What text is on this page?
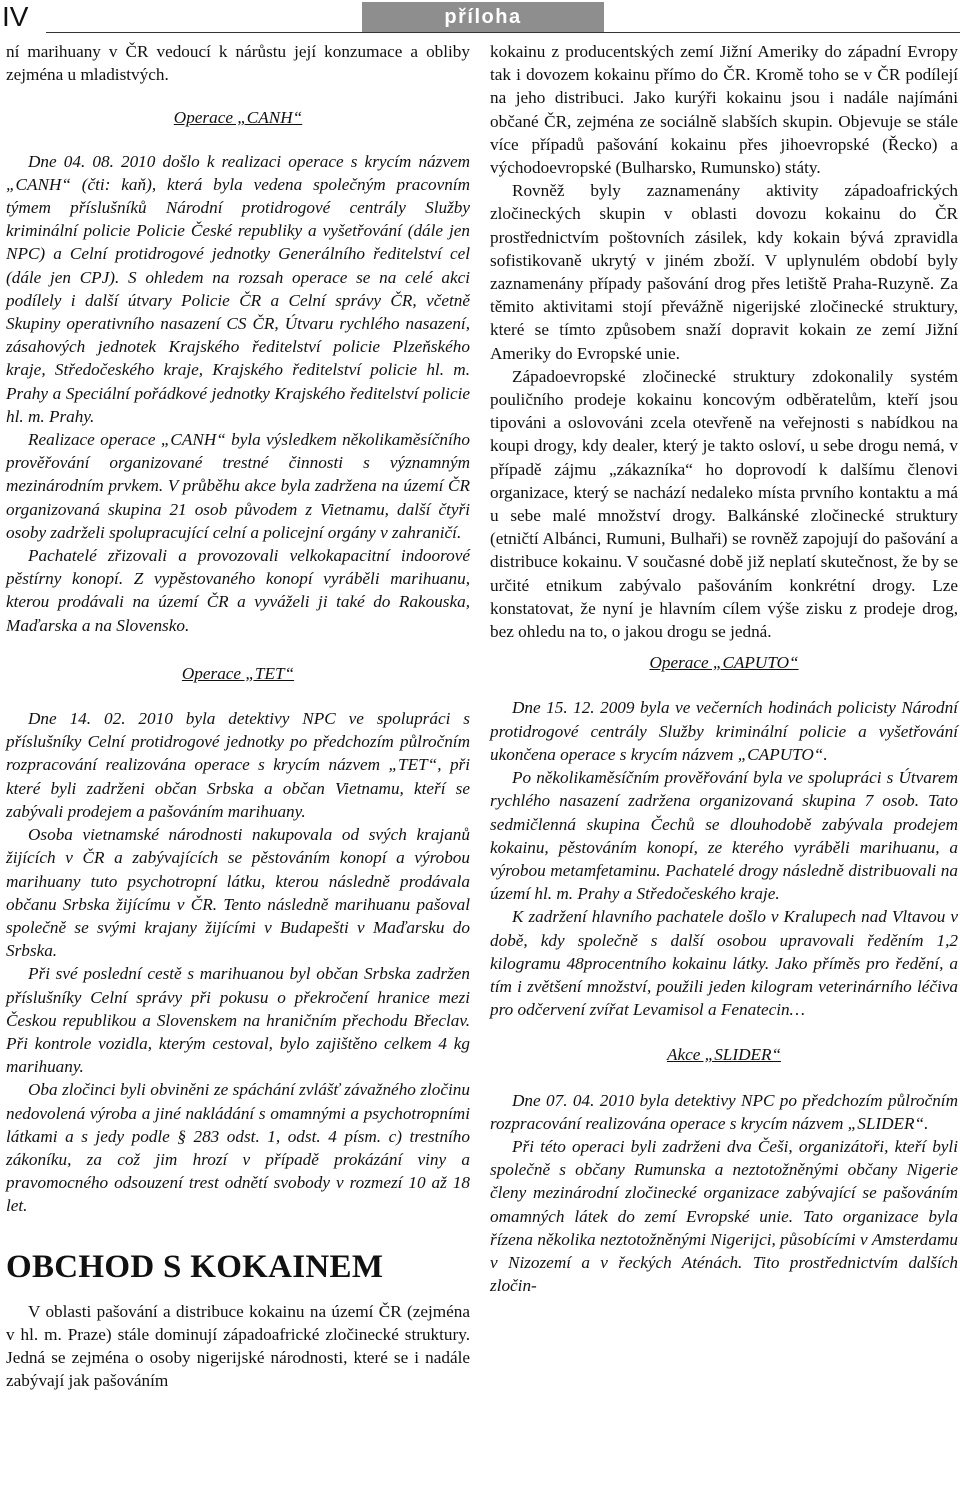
IV	příloha

ní marihuany v ČR vedoucí k nárůstu její konzumace a obliby zejména u mladistvých.

Operace „CANH“

Dne 04. 08. 2010 došlo k realizaci operace s krycím názvem „CANH“ (čti: kaň), která byla vedena společným pracovním týmem příslušníků Národní protidrogové centrály Služby kriminální policie Policie České republiky a vyšetřování (dále jen NPC) a Celní protidrogové jednotky Generálního ředitelství cel (dále jen CPJ). S ohledem na rozsah operace se na celé akci podílely i další útvary Policie ČR a Celní správy ČR, včetně Skupiny operativního nasazení CS ČR, Útvaru rychlého nasazení, zásahových jednotek Krajského ředitelství policie Plzeňského kraje, Středočeského kraje, Krajského ředitelství policie hl. m. Prahy a Speciální pořádkové jednotky Krajského ředitelství policie hl. m. Prahy.

Realizace operace „CANH“ byla výsledkem několikaměsíčního prověřování organizované trestné činnosti s významným mezinárodním prvkem. V průběhu akce byla zadržena na území ČR organizovaná skupina 21 osob původem z Vietnamu, další čtyři osoby zadrželi spolupracující celní a policejní orgány v zahraničí.

Pachatelé zřizovali a provozovali velkokapacitní indoorové pěstírny konopí. Z vypěstovaného konopí vyráběli marihuanu, kterou prodávali na území ČR a vyváželi ji také do Rakouska, Maďarska a na Slovensko.

Operace „TET“

Dne 14. 02. 2010 byla detektivy NPC ve spolupráci s příslušníky Celní protidrogové jednotky po předchozím půlročním rozpracování realizována operace s krycím názvem „TET“, při které byli zadrženi občan Srbska a občan Vietnamu, kteří se zabývali prodejem a pašováním marihuany.

Osoba vietnamské národnosti nakupovala od svých krajanů žijících v ČR a zabývajících se pěstováním konopí a výrobou marihuany tuto psychotropní látku, kterou následně prodávala občanu Srbska žijícímu v ČR. Tento následně marihuanu pašoval společně se svými krajany žijícími v Budapešti v Maďarsku do Srbska.

Při své poslední cestě s marihuanou byl občan Srbska zadržen příslušníky Celní správy při pokusu o překročení hranice mezi Českou republikou a Slovenskem na hraničním přechodu Břeclav. Při kontrole vozidla, kterým cestoval, bylo zajištěno celkem 4 kg marihuany.

Oba zločinci byli obviněni ze spáchání zvlášť závažného zločinu nedovolená výroba a jiné nakládání s omamnými a psychotropními látkami a s jedy podle § 283 odst. 1, odst. 4 písm. c) trestního zákoníku, za což jim hrozí v případě prokázání viny a pravomocného odsouzení trest odnětí svobody v rozmezí 10 až 18 let.

OBCHOD S KOKAINEM

V oblasti pašování a distribuce kokainu na území ČR (zejména v hl. m. Praze) stále dominují západoafrické zločinecké struktury. Jedná se zejména o osoby nigerijské národnosti, které se i nadále zabývají jak pašováním

kokainu z producentských zemí Jižní Ameriky do západní Evropy tak i dovozem kokainu přímo do ČR. Kromě toho se v ČR podílejí na jeho distribuci. Jako kurýři kokainu jsou i nadále najímáni občané ČR, zejména ze sociálně slabších skupin. Objevuje se stále více případů pašování kokainu přes jihoevropské (Řecko) a východoevropské (Bulharsko, Rumunsko) státy.

Rovněž byly zaznamenány aktivity západoafrických zločineckých skupin v oblasti dovozu kokainu do ČR prostřednictvím poštovních zásilek, kdy kokain bývá zpravidla sofistikovaně ukrytý v jiném zboží. V uplynulém období byly zaznamenány případy pašování drog přes letiště Praha-Ruzyně. Za těmito aktivitami stojí převážně nigerijské zločinecké struktury, které se tímto způsobem snaží dopravit kokain ze zemí Jižní Ameriky do Evropské unie.

Západoevropské zločinecké struktury zdokonalily systém pouličního prodeje kokainu koncovým odběratelům, kteří jsou tipováni a oslovováni zcela otevřeně na veřejnosti s nabídkou na koupi drogy, kdy dealer, který je takto osloví, u sebe drogu nemá, v případě zájmu „zákazníka“ ho doprovodí k dalšímu členovi organizace, který se nachází nedaleko místa prvního kontaktu a má u sebe malé množství drogy. Balkánské zločinecké struktury (etničtí Albánci, Rumuni, Bulhaři) se rovněž zapojují do pašování a distribuce kokainu. V současné době již neplatí skutečnost, že by se určité etnikum zabývalo pašováním konkrétní drogy. Lze konstatovat, že nyní je hlavním cílem výše zisku z prodeje drog, bez ohledu na to, o jakou drogu se jedná.

Operace „CAPUTO“

Dne 15. 12. 2009 byla ve večerních hodinách policisty Národní protidrogové centrály Služby kriminální policie a vyšetřování ukončena operace s krycím názvem „CAPUTO“.

Po několikaměsíčním prověřování byla ve spolupráci s Útvarem rychlého nasazení zadržena organizovaná skupina 7 osob. Tato sedmičlenná skupina Čechů se dlouhodobě zabývala prodejem kokainu, pěstováním konopí, ze kterého vyráběli marihuanu, a výrobou metamfetaminu. Pachatelé drogy následně distribuovali na území hl. m. Prahy a Středočeského kraje.

K zadržení hlavního pachatele došlo v Kralupech nad Vltavou v době, kdy společně s další osobou upravovali ředěním 1,2 kilogramu 48procentního kokainu látky. Jako příměs pro ředění, a tím i zvětšení množství, použili jeden kilogram veterinárního léčiva pro odčervení zvířat Levamisol a Fenatecin…

Akce „SLIDER“

Dne 07. 04. 2010 byla detektivy NPC po předchozím půlročním rozpracování realizována operace s krycím názvem „SLIDER“.

Při této operaci byli zadrženi dva Češi, organizátoři, kteří byli společně s občany Rumunska a neztotožněnými občany Nigerie členy mezinárodní zločinecké organizace zabývající se pašováním omamných látek do zemí Evropské unie. Tato organizace byla řízena několika neztotožněnými Nigerijci, působícími v Amsterdamu v Nizozemí a v řeckých Aténách. Tito prostřednictvím dalších zločin-
